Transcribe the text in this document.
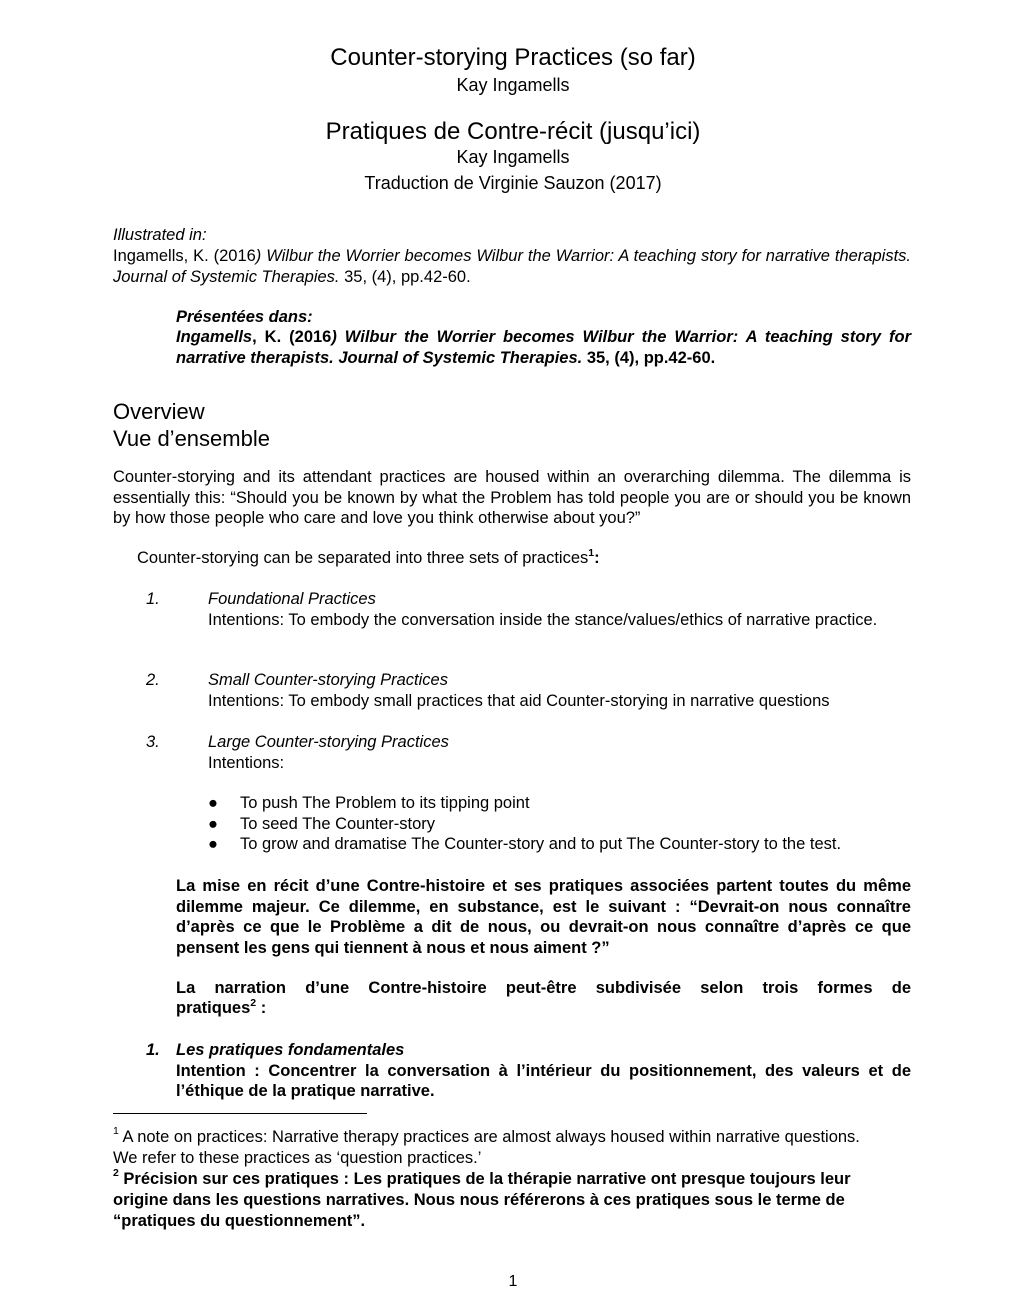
Counter-storying Practices (so far)
Kay Ingamells
Pratiques de Contre-récit (jusqu’ici)
Kay Ingamells
Traduction de Virginie Sauzon (2017)
Illustrated in:
Ingamells, K. (2016) Wilbur the Worrier becomes Wilbur the Warrior: A teaching story for narrative therapists. Journal of Systemic Therapies. 35, (4), pp.42-60.
Présentées dans:
Ingamells, K. (2016) Wilbur the Worrier becomes Wilbur the Warrior: A teaching story for narrative therapists. Journal of Systemic Therapies. 35, (4), pp.42-60.
Overview
Vue d’ensemble
Counter-storying and its attendant practices are housed within an overarching dilemma. The dilemma is essentially this: “Should you be known by what the Problem has told people you are or should you be known by how those people who care and love you think otherwise about you?”
Counter-storying can be separated into three sets of practices$^1$:
1.	Foundational Practices
Intentions: To embody the conversation inside the stance/values/ethics of narrative practice.
2.	Small Counter-storying Practices
Intentions: To embody small practices that aid Counter-storying in narrative questions
3.	Large Counter-storying Practices
Intentions:
●	To push The Problem to its tipping point
●	To seed The Counter-story
●	To grow and dramatise The Counter-story and to put The Counter-story to the test.
La mise en récit d’une Contre-histoire et ses pratiques associées partent toutes du même dilemme majeur. Ce dilemme, en substance, est le suivant : “Devrait-on nous connaître d’après ce que le Problème a dit de nous, ou devrait-on nous connaître d’après ce que pensent les gens qui tiennent à nous et nous aiment ?”
La narration d’une Contre-histoire peut-être subdivisée selon trois formes de
pratiques$^2$ :
1. Les pratiques fondamentales
Intention : Concentrer la conversation à l’intérieur du positionnement, des valeurs et de l’éthique de la pratique narrative.
$^1$ A note on practices: Narrative therapy practices are almost always housed within narrative questions.
We refer to these practices as ‘question practices.’
$^2$ Précision sur ces pratiques : Les pratiques de la thérapie narrative ont presque toujours leur
origine dans les questions narratives. Nous nous référerons à ces pratiques sous le terme de
“pratiques du questionnement”.
1
